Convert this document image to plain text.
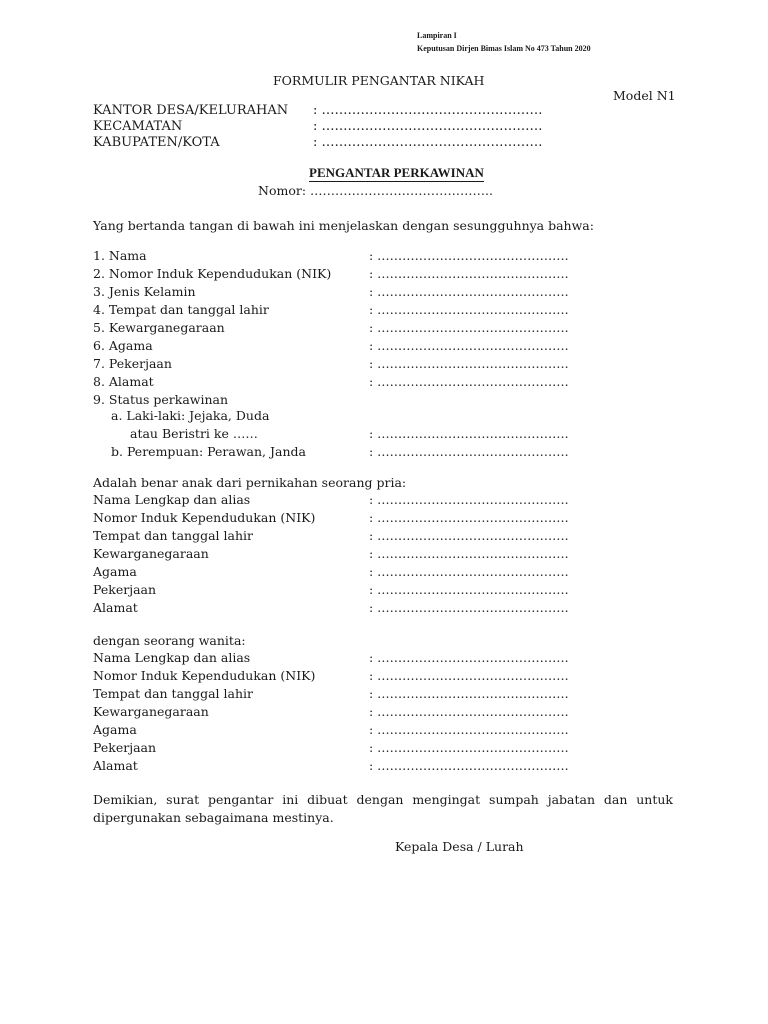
Lampiran I
Keputusan Dirjen Bimas Islam No 473 Tahun 2020
FORMULIR PENGANTAR NIKAH
Model N1
KANTOR DESA/KELURAHAN : ……………………………………………
KECAMATAN	: ……………………………………………
KABUPATEN/KOTA	: ……………………………………………
PENGANTAR PERKAWINAN
Nomor: ……………………………………..
Yang bertanda tangan di bawah ini menjelaskan dengan sesungguhnya bahwa:
1. Nama	: ……………………………………….
2. Nomor Induk Kependudukan (NIK)	: ……………………………………….
3. Jenis Kelamin	: ……………………………………….
4. Tempat dan tanggal lahir	: ……………………………………….
5. Kewarganegaraan	: ……………………………………….
6. Agama	: ……………………………………….
7. Pekerjaan	: ……………………………………….
8. Alamat	: ……………………………………….
9. Status perkawinan
a. Laki-laki: Jejaka, Duda
atau Beristri ke ……	: ……………………………………….
b. Perempuan: Perawan, Janda	: ……………………………………….
Adalah benar anak dari pernikahan seorang pria:
Nama Lengkap dan alias	: ……………………………………….
Nomor Induk Kependudukan (NIK)	: ……………………………………….
Tempat dan tanggal lahir	: ……………………………………….
Kewarganegaraan	: ……………………………………….
Agama	: ……………………………………….
Pekerjaan	: ……………………………………….
Alamat	: ……………………………………….
dengan seorang wanita:
Nama Lengkap dan alias	: ……………………………………….
Nomor Induk Kependudukan (NIK)	: ……………………………………….
Tempat dan tanggal lahir	: ……………………………………….
Kewarganegaraan	: ……………………………………….
Agama	: ……………………………………….
Pekerjaan	: ……………………………………….
Alamat	: ……………………………………….
Demikian, surat pengantar ini dibuat dengan mengingat sumpah jabatan dan untuk dipergunakan sebagaimana mestinya.
Kepala Desa / Lurah
